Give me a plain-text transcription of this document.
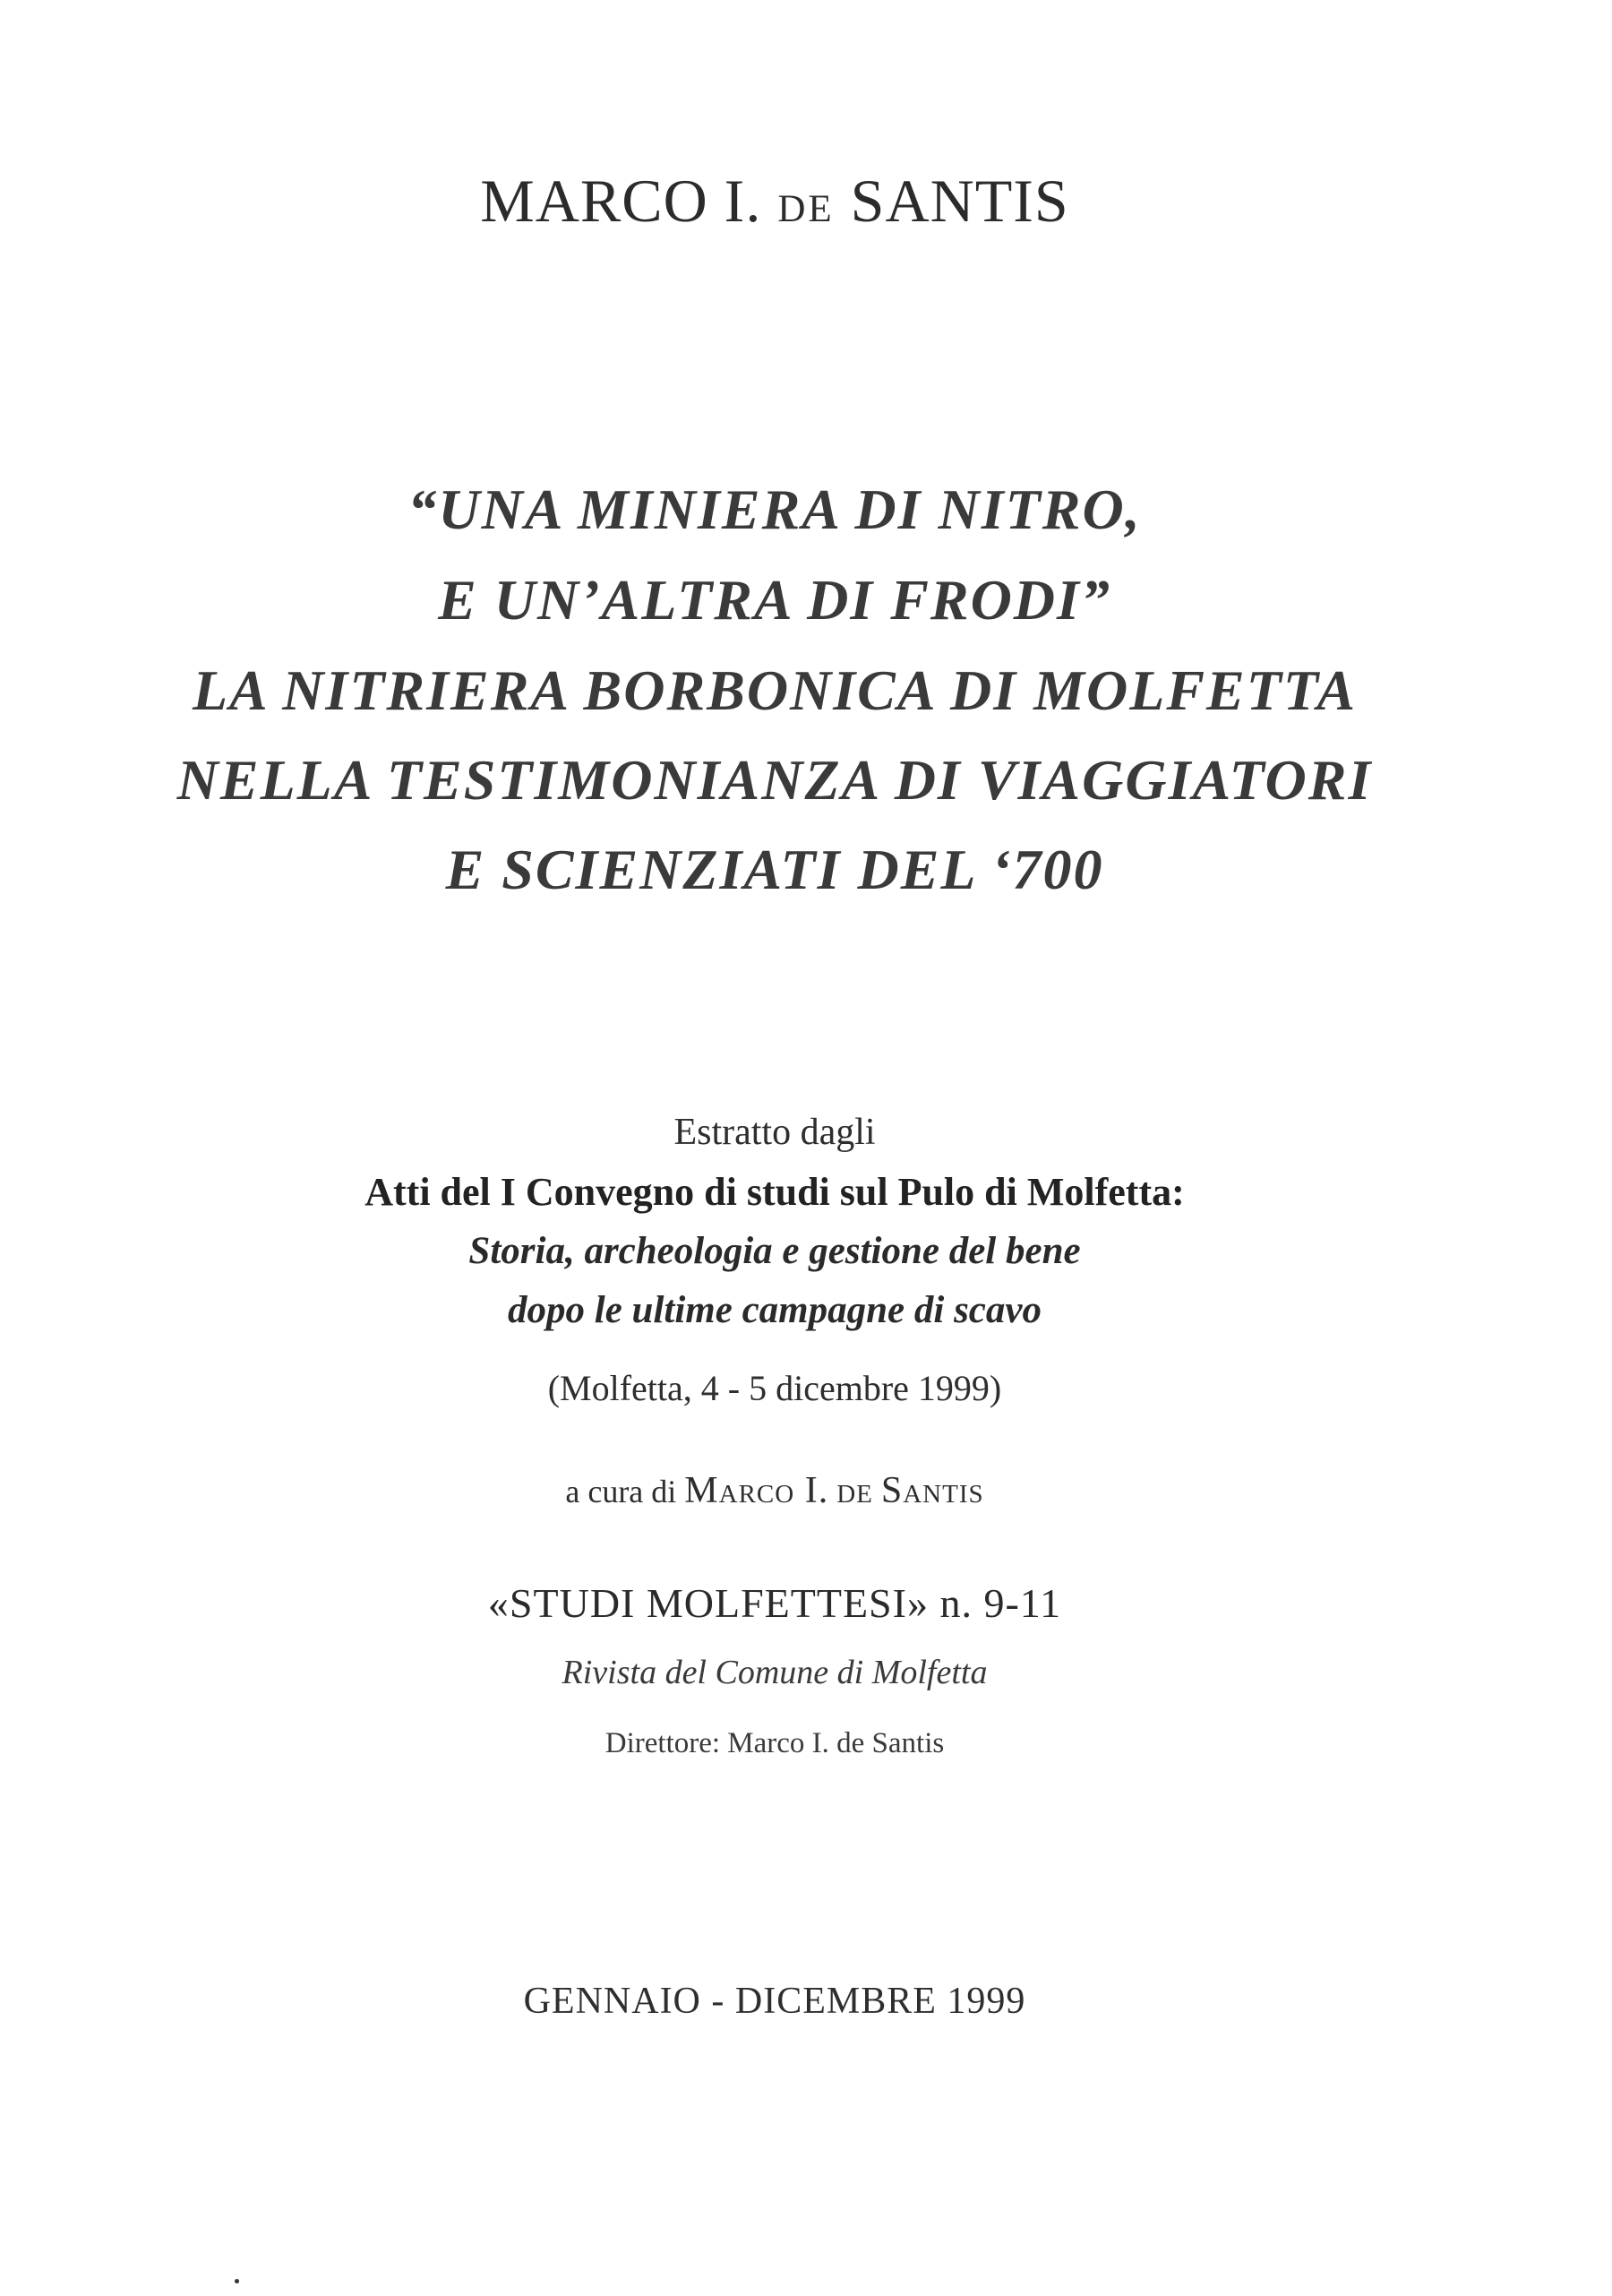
MARCO I. de SANTIS
“UNA MINIERA DI NITRO,
E UN’ALTRA DI FRODI”
LA NITRIERA BORBONICA DI MOLFETTA
NELLA TESTIMONIANZA DI VIAGGIATORI
E SCIENZIATI DEL ‘700
Estratto dagli
Atti del I Convegno di studi sul Pulo di Molfetta:
Storia, archeologia e gestione del bene
dopo le ultime campagne di scavo
(Molfetta, 4 - 5 dicembre 1999)
a cura di Marco I. de Santis
«STUDI MOLFETTESI» n. 9-11
Rivista del Comune di Molfetta
Direttore: Marco I. de Santis
GENNAIO - DICEMBRE 1999
